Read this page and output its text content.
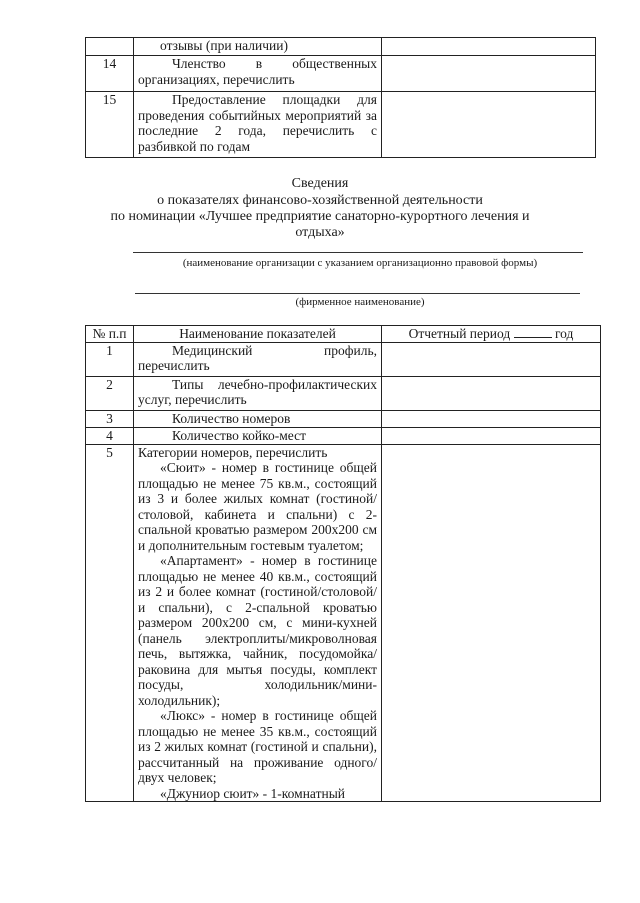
	отзывы (при наличии)	

14	Членство в общественных организациях, перечислить	

15	Предоставление площадки для проведения событийных мероприятий за последние 2 года, перечислить с разбивкой по годам	

Сведения
о показателях финансово-хозяйственной деятельности
по номинации «Лучшее предприятие санаторно-курортного лечения и
отдыха»
(наименование организации с указанием организационно правовой формы)
(фирменное наименование)
№ п.п	Наименование показателей	Отчетный период год
1	Медицинский профиль, перечислить	

2	Типы лечебно-профилактических услуг, перечислить	

3	Количество номеров	

4	Количество койко-мест	

5	Категории номеров, перечислить
«Сюит» - номер в гостинице общей площадью не менее 75 кв.м., состоящий из 3 и более жилых комнат (гостиной/столовой, кабинета и спальни) с 2-спальной кроватью размером 200х200 см и дополнительным гостевым туалетом;
«Апартамент» - номер в гостинице площадью не менее 40 кв.м., состоящий из 2 и более комнат (гостиной/столовой/и спальни), с 2-спальной кроватью размером 200х200 см, с мини-кухней (панель электроплиты/микроволновая печь, вытяжка, чайник, посудомойка/раковина для мытья посуды, комплект посуды, холодильник/мини-холодильник);
«Люкс» - номер в гостинице общей площадью не менее 35 кв.м., состоящий из 2 жилых комнат (гостиной и спальни), рассчитанный на проживание одного/двух человек;
«Джуниор сюит» - 1-комнатный	
